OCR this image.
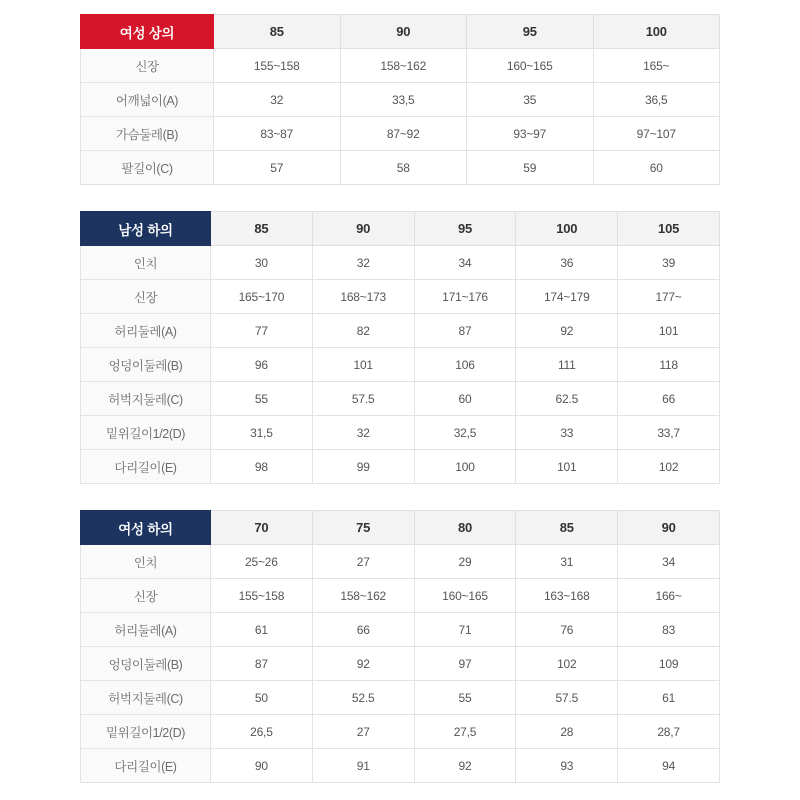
여성 상의	85	90	95	100
신장	155~158	158~162	160~165	165~
어깨넓이(A)	32	33,5	35	36,5
가슴둘레(B)	83~87	87~92	93~97	97~107
팔길이(C)	57	58	59	60
남성 하의	85	90	95	100	105
인치	30	32	34	36	39
신장	165~170	168~173	171~176	174~179	177~
허리둘레(A)	77	82	87	92	101
엉덩이둘레(B)	96	101	106	111	118
허벅지둘레(C)	55	57.5	60	62.5	66
밑위길이1/2(D)	31,5	32	32,5	33	33,7
다리길이(E)	98	99	100	101	102
여성 하의	70	75	80	85	90
인치	25~26	27	29	31	34
신장	155~158	158~162	160~165	163~168	166~
허리둘레(A)	61	66	71	76	83
엉덩이둘레(B)	87	92	97	102	109
허벅지둘레(C)	50	52.5	55	57.5	61
밑위길이1/2(D)	26,5	27	27,5	28	28,7
다리길이(E)	90	91	92	93	94
